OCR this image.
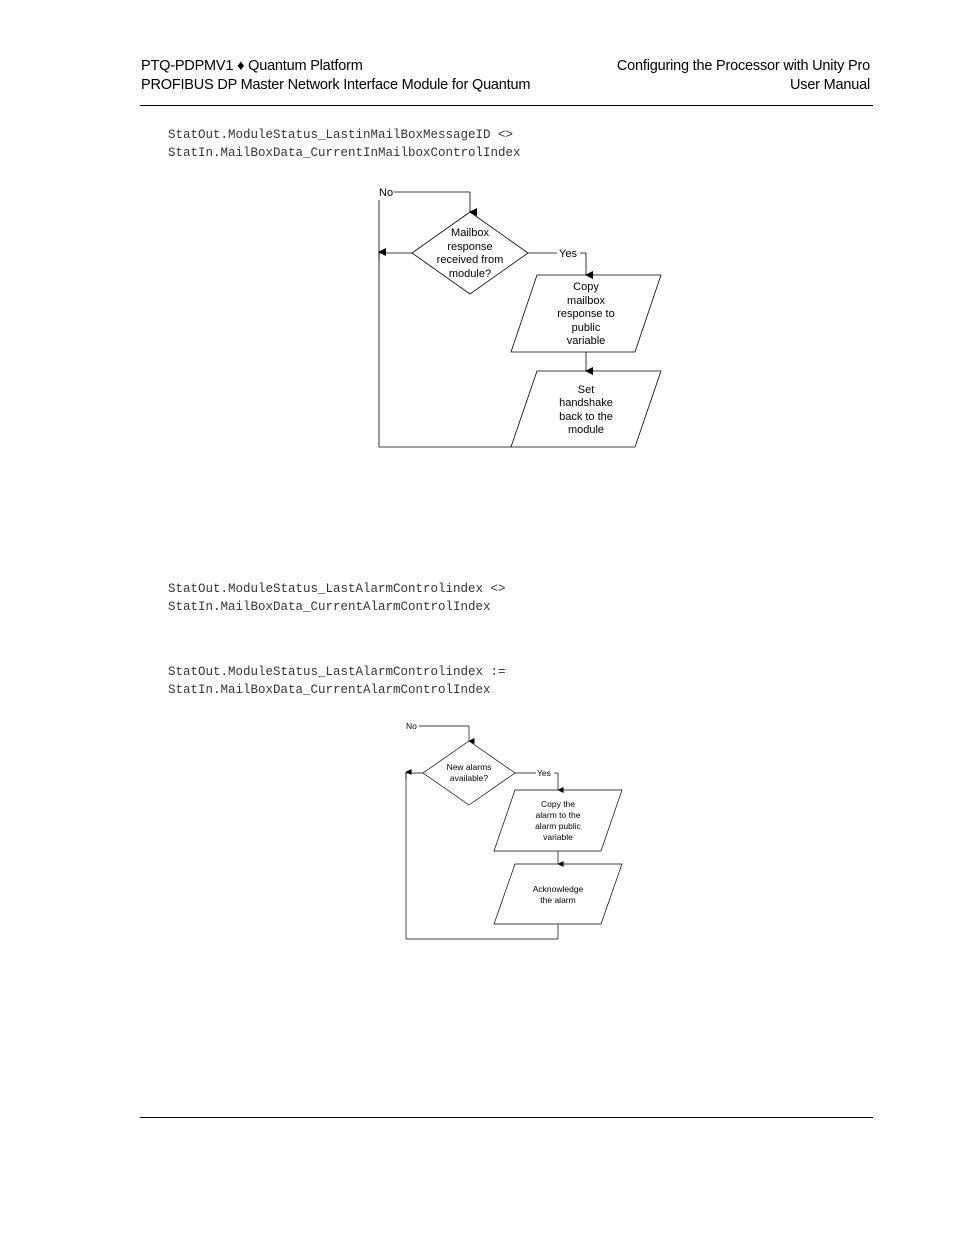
PTQ-PDPMV1 ♦ Quantum Platform
PROFIBUS DP Master Network Interface Module for Quantum
Configuring the Processor with Unity Pro
User Manual
StatOut.ModuleStatus_LastinMailBoxMessageID <>
StatIn.MailBoxData_CurrentInMailboxControlIndex
No
Yes
Mailbox
response
received from
module?
Copy
mailbox
response to
public
variable
Set
handshake
back to the
module
StatOut.ModuleStatus_LastAlarmControlindex <>
StatIn.MailBoxData_CurrentAlarmControlIndex
StatOut.ModuleStatus_LastAlarmControlindex :=
StatIn.MailBoxData_CurrentAlarmControlIndex
No
Yes
New alarms
available?
Copy the
alarm to the
alarm public
variable
Acknowledge
the alarm
